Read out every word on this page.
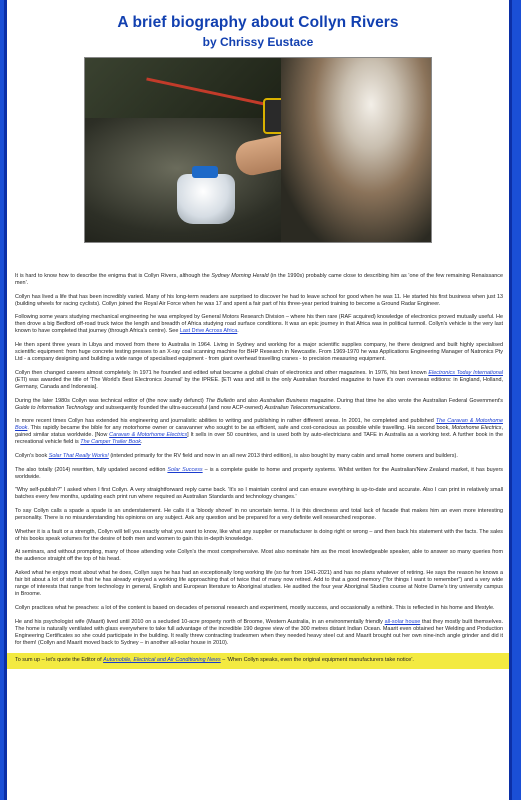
A brief biography about Collyn Rivers
by Chrissy Eustace

It is hard to know how to describe the enigma that is Collyn Rivers, although the Sydney Morning Herald (in the 1990s) probably came close to describing him as 'one of the few remaining Renaissance men'.

Collyn has lived a life that has been incredibly varied. Many of his long-term readers are surprised to discover he had to leave school for good when he was 11. He started his first business when just 13 (building wheels for racing cyclists). Collyn joined the Royal Air Force when he was 17 and spent a fair part of his three-year period training to become a Ground Radar Engineer.

Following some years studying mechanical engineering he was employed by General Motors Research Division – where his then rare (RAF acquired) knowledge of electronics proved mutually useful. He then drove a big Bedford off-road truck twice the length and breadth of Africa studying road surface conditions. It was an epic journey in that Africa was in political turmoil. Collyn's vehicle is the very last known to have completed that journey (through Africa's centre). See Last Drive Across Africa.

He then spent three years in Libya and moved from there to Australia in 1964. Living in Sydney and working for a major scientific supplies company, he there designed and built highly specialised scientific equipment: from huge concrete testing presses to an X-ray coal scanning machine for BHP Research in Newcastle. From 1969-1970 he was Applications Engineering Manager of Natronics Pty Ltd - a company designing and building a wide range of specialised equipment - from giant overhead travelling cranes - to precision measuring equipment.

Collyn then changed careers almost completely. In 1971 he founded and edited what became a global chain of electronics and other magazines. In 1976, his best known Electronics Today International (ETI) was awarded the title of 'The World's Best Electronics Journal' by the IPREE. [ETI was and still is the only Australian founded magazine to have it's own overseas editions: in England, Holland, Germany, Canada and Indonesia].

During the later 1980s Collyn was technical editor of (the now sadly defunct) The Bulletin and also Australian Business magazine. During that time he also wrote the Australian Federal Government's Guide to Information Technology and subsequently founded the ultra-successful (and now ACP-owned) Australian Telecommunications.

In more recent times Collyn has extended his engineering and journalistic abilities to writing and publishing in rather different areas. In 2001, he completed and published The Caravan & Motorhome Book. This rapidly became the bible for any motorhome owner or caravanner who sought to be as efficient, safe and cost-conscious as possible while travelling. His second book, Motorhome Electrics, gained similar status worldwide. [Now Caravan & Motorhome Electrics] It sells in over 50 countries, and is used both by auto-electricians and TAFE in Australia as a working text. A further book in the recreational vehicle field is The Camper Trailer Book.

Collyn's book Solar That Really Works! (intended primarily for the RV field and now in an all new 2013 third edition), is also bought by many cabin and small home owners and builders).

The also totally (2014) rewritten, fully updated second edition Solar Success – is a complete guide to home and property systems. Whilst written for the Australian/New Zealand market, it has buyers worldwide.

"Why self-publish?" I asked when I first Collyn. A very straightforward reply came back. 'It's so I maintain control and can ensure everything is up-to-date and accurate. Also I can print in relatively small batches every few months, updating each print run where required as Australian Standards and technology changes.'

To say Collyn calls a spade a spade is an understatement. He calls it a 'bloody shovel' in no uncertain terms. It is this directness and total lack of facade that makes him an even more interesting personality. There is no misunderstanding his opinions on any subject. Ask any question and be prepared for a very definite well researched response.

Whether it is a fault or a strength, Collyn will tell you exactly what you want to know, like what any supplier or manufacturer is doing right or wrong – and then back his statement with the facts. The sales of his books speak volumes for the desire of both men and women to gain this in-depth knowledge.

At seminars, and without prompting, many of those attending vote Collyn's the most comprehensive. Most also nominate him as the most knowledgeable speaker, able to answer so many queries from the audience straight off the top of his head.

Asked what he enjoys most about what he does, Collyn says he has had an exceptionally long working life (so far from 1941-2021) and has no plans whatever of retiring. He says the reason he knows a fair bit about a lot of stuff is that he has already enjoyed a working life approaching that of twice that of many now retired. Add to that a good memory ("for things I want to remember") and a very wide range of interests that range from technology in general, English and European literature to Aboriginal studies. He audited the four year Aboriginal Studies course at Notre Dame's tiny university campus in Broome.

Collyn practices what he preaches: a lot of the content is based on decades of personal research and experiment, mostly success, and occasionally a rethink. This is reflected in his home and lifestyle.

He and his psychologist wife (Maarit) lived until 2010 on a secluded 10-acre property north of Broome, Western Australia, in an environmentally friendly all-solar house that they mostly built themselves. The home is naturally ventilated with glass everywhere to take full advantage of the incredible 190 degree view of the 300 metres distant Indian Ocean. Maarit even obtained her Welding and Production Engineering Certificates so she could participate in the building. It really threw contracting tradesmen when they needed heavy steel cut and Maarit brought out her own nine-inch angle grinder and did it for them! (Collyn and Maarit moved back to Sydney – in another all-solar house in 2010).

To sum up – let's quote the Editor of Automobile, Electrical and Air Conditioning News – 'When Collyn speaks, even the original equipment manufacturers take notice'.
